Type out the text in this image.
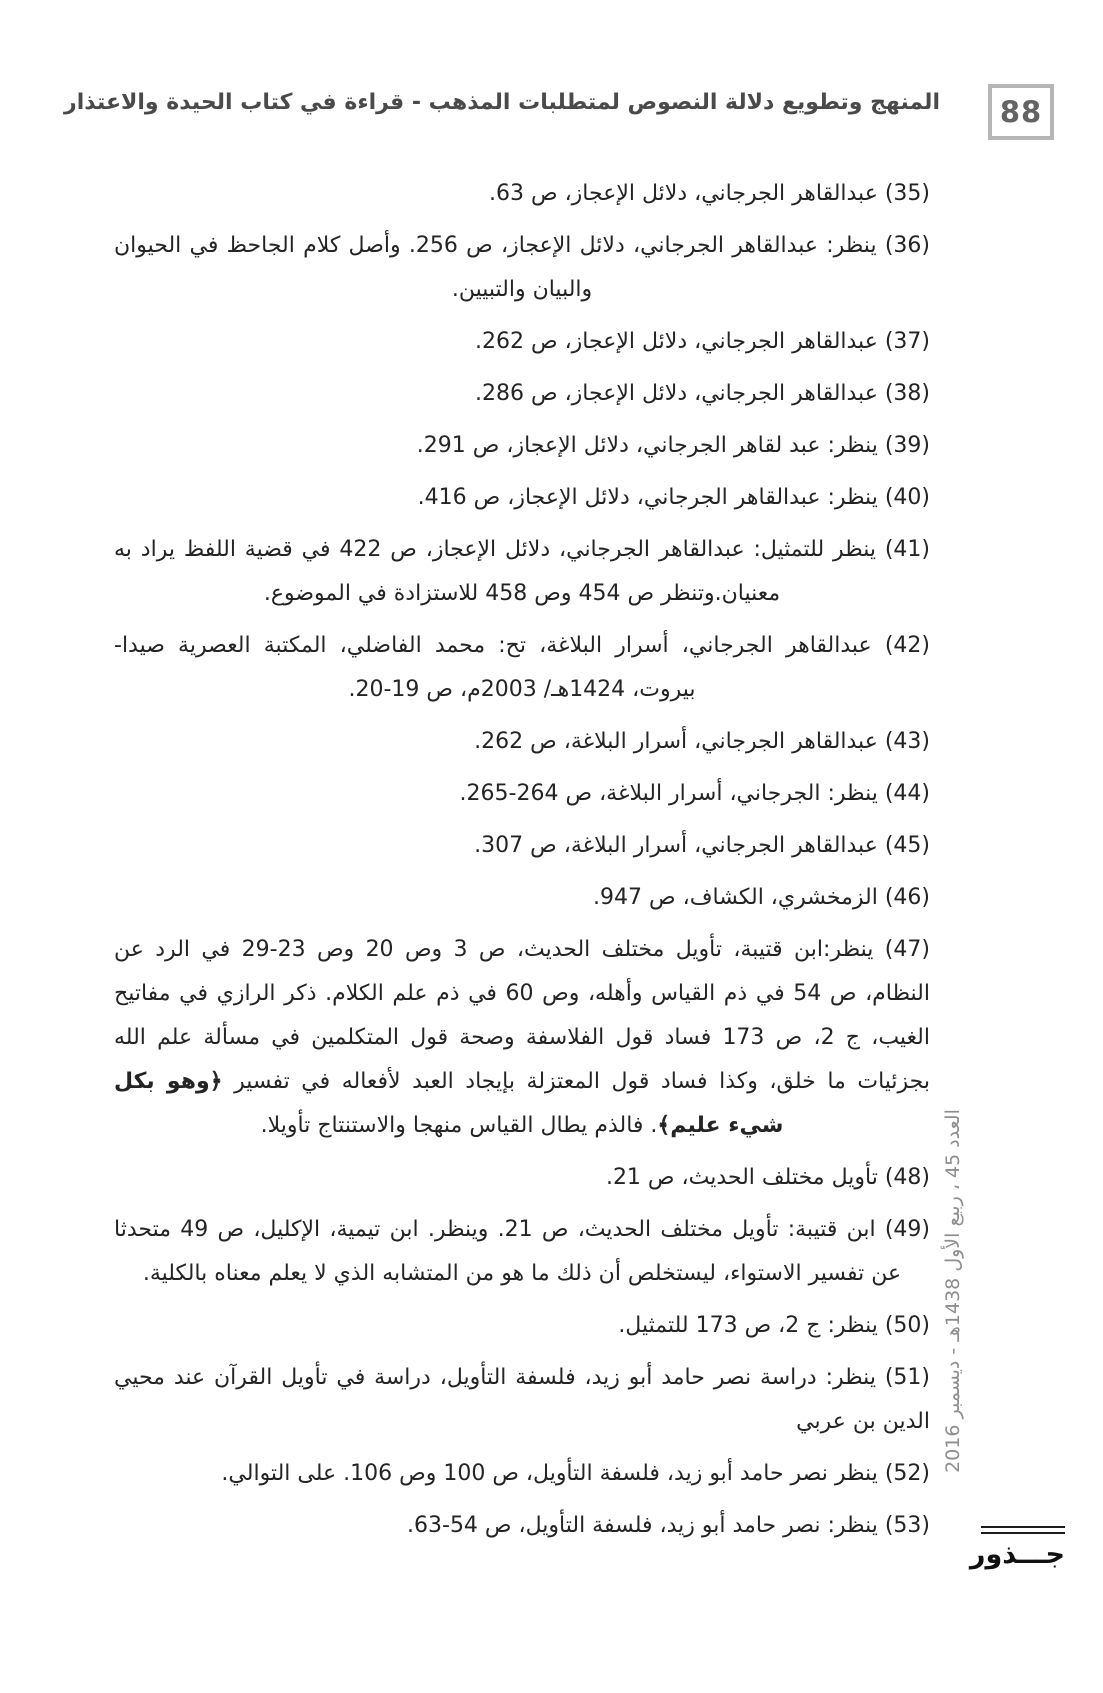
المنهج وتطويع دلالة النصوص لمتطلبات المذهب - قراءة في كتاب الحيدة والاعتذار 88

(35) عبدالقاهر الجرجاني، دلائل الإعجاز، ص 63.

(36) ينظر: عبدالقاهر الجرجاني، دلائل الإعجاز، ص 256. وأصل كلام الجاحظ في الحيوان والبيان والتبيين.

(37) عبدالقاهر الجرجاني، دلائل الإعجاز، ص 262.

(38) عبدالقاهر الجرجاني، دلائل الإعجاز، ص 286.

(39) ينظر: عبد لقاهر الجرجاني، دلائل الإعجاز، ص 291.

(40) ينظر: عبدالقاهر الجرجاني، دلائل الإعجاز، ص 416.

(41) ينظر للتمثيل: عبدالقاهر الجرجاني، دلائل الإعجاز، ص 422 في قضية اللفظ يراد به معنيان.وتنظر ص 454 وص 458 للاستزادة في الموضوع.

(42) عبدالقاهر الجرجاني، أسرار البلاغة، تح: محمد الفاضلي، المكتبة العصرية صيدا- بيروت، 1424هـ/ 2003م، ص 19-20.

(43) عبدالقاهر الجرجاني، أسرار البلاغة، ص 262.

(44) ينظر: الجرجاني، أسرار البلاغة، ص 264-265.

(45) عبدالقاهر الجرجاني، أسرار البلاغة، ص 307.

(46) الزمخشري، الكشاف، ص 947.

(47) ينظر:ابن قتيبة، تأويل مختلف الحديث، ص 3 وص 20 وص 23-29 في الرد عن النظام، ص 54 في ذم القياس وأهله، وص 60 في ذم علم الكلام. ذكر الرازي في مفاتيح الغيب، ج 2، ص 173 فساد قول الفلاسفة وصحة قول المتكلمين في مسألة علم الله بجزئيات ما خلق، وكذا فساد قول المعتزلة بإيجاد العبد لأفعاله في تفسير ﴿وهو بكل شيء عليم﴾. فالذم يطال القياس منهجا والاستنتاج تأويلا.

(48) تأويل مختلف الحديث، ص 21.

(49) ابن قتيبة: تأويل مختلف الحديث، ص 21. وينظر. ابن تيمية، الإكليل، ص 49 متحدثا عن تفسير الاستواء، ليستخلص أن ذلك ما هو من المتشابه الذي لا يعلم معناه بالكلية.

(50) ينظر: ج 2، ص 173 للتمثيل.

(51) ينظر: دراسة نصر حامد أبو زيد، فلسفة التأويل، دراسة في تأويل القرآن عند محيي الدين بن عربي

(52) ينظر نصر حامد أبو زيد، فلسفة التأويل، ص 100 وص 106. على التوالي.

(53) ينظر: نصر حامد أبو زيد، فلسفة التأويل، ص 54-63.

العدد 45 ، ربيع الأول 1438هـ - ديسمبر 2016
جـــذور
